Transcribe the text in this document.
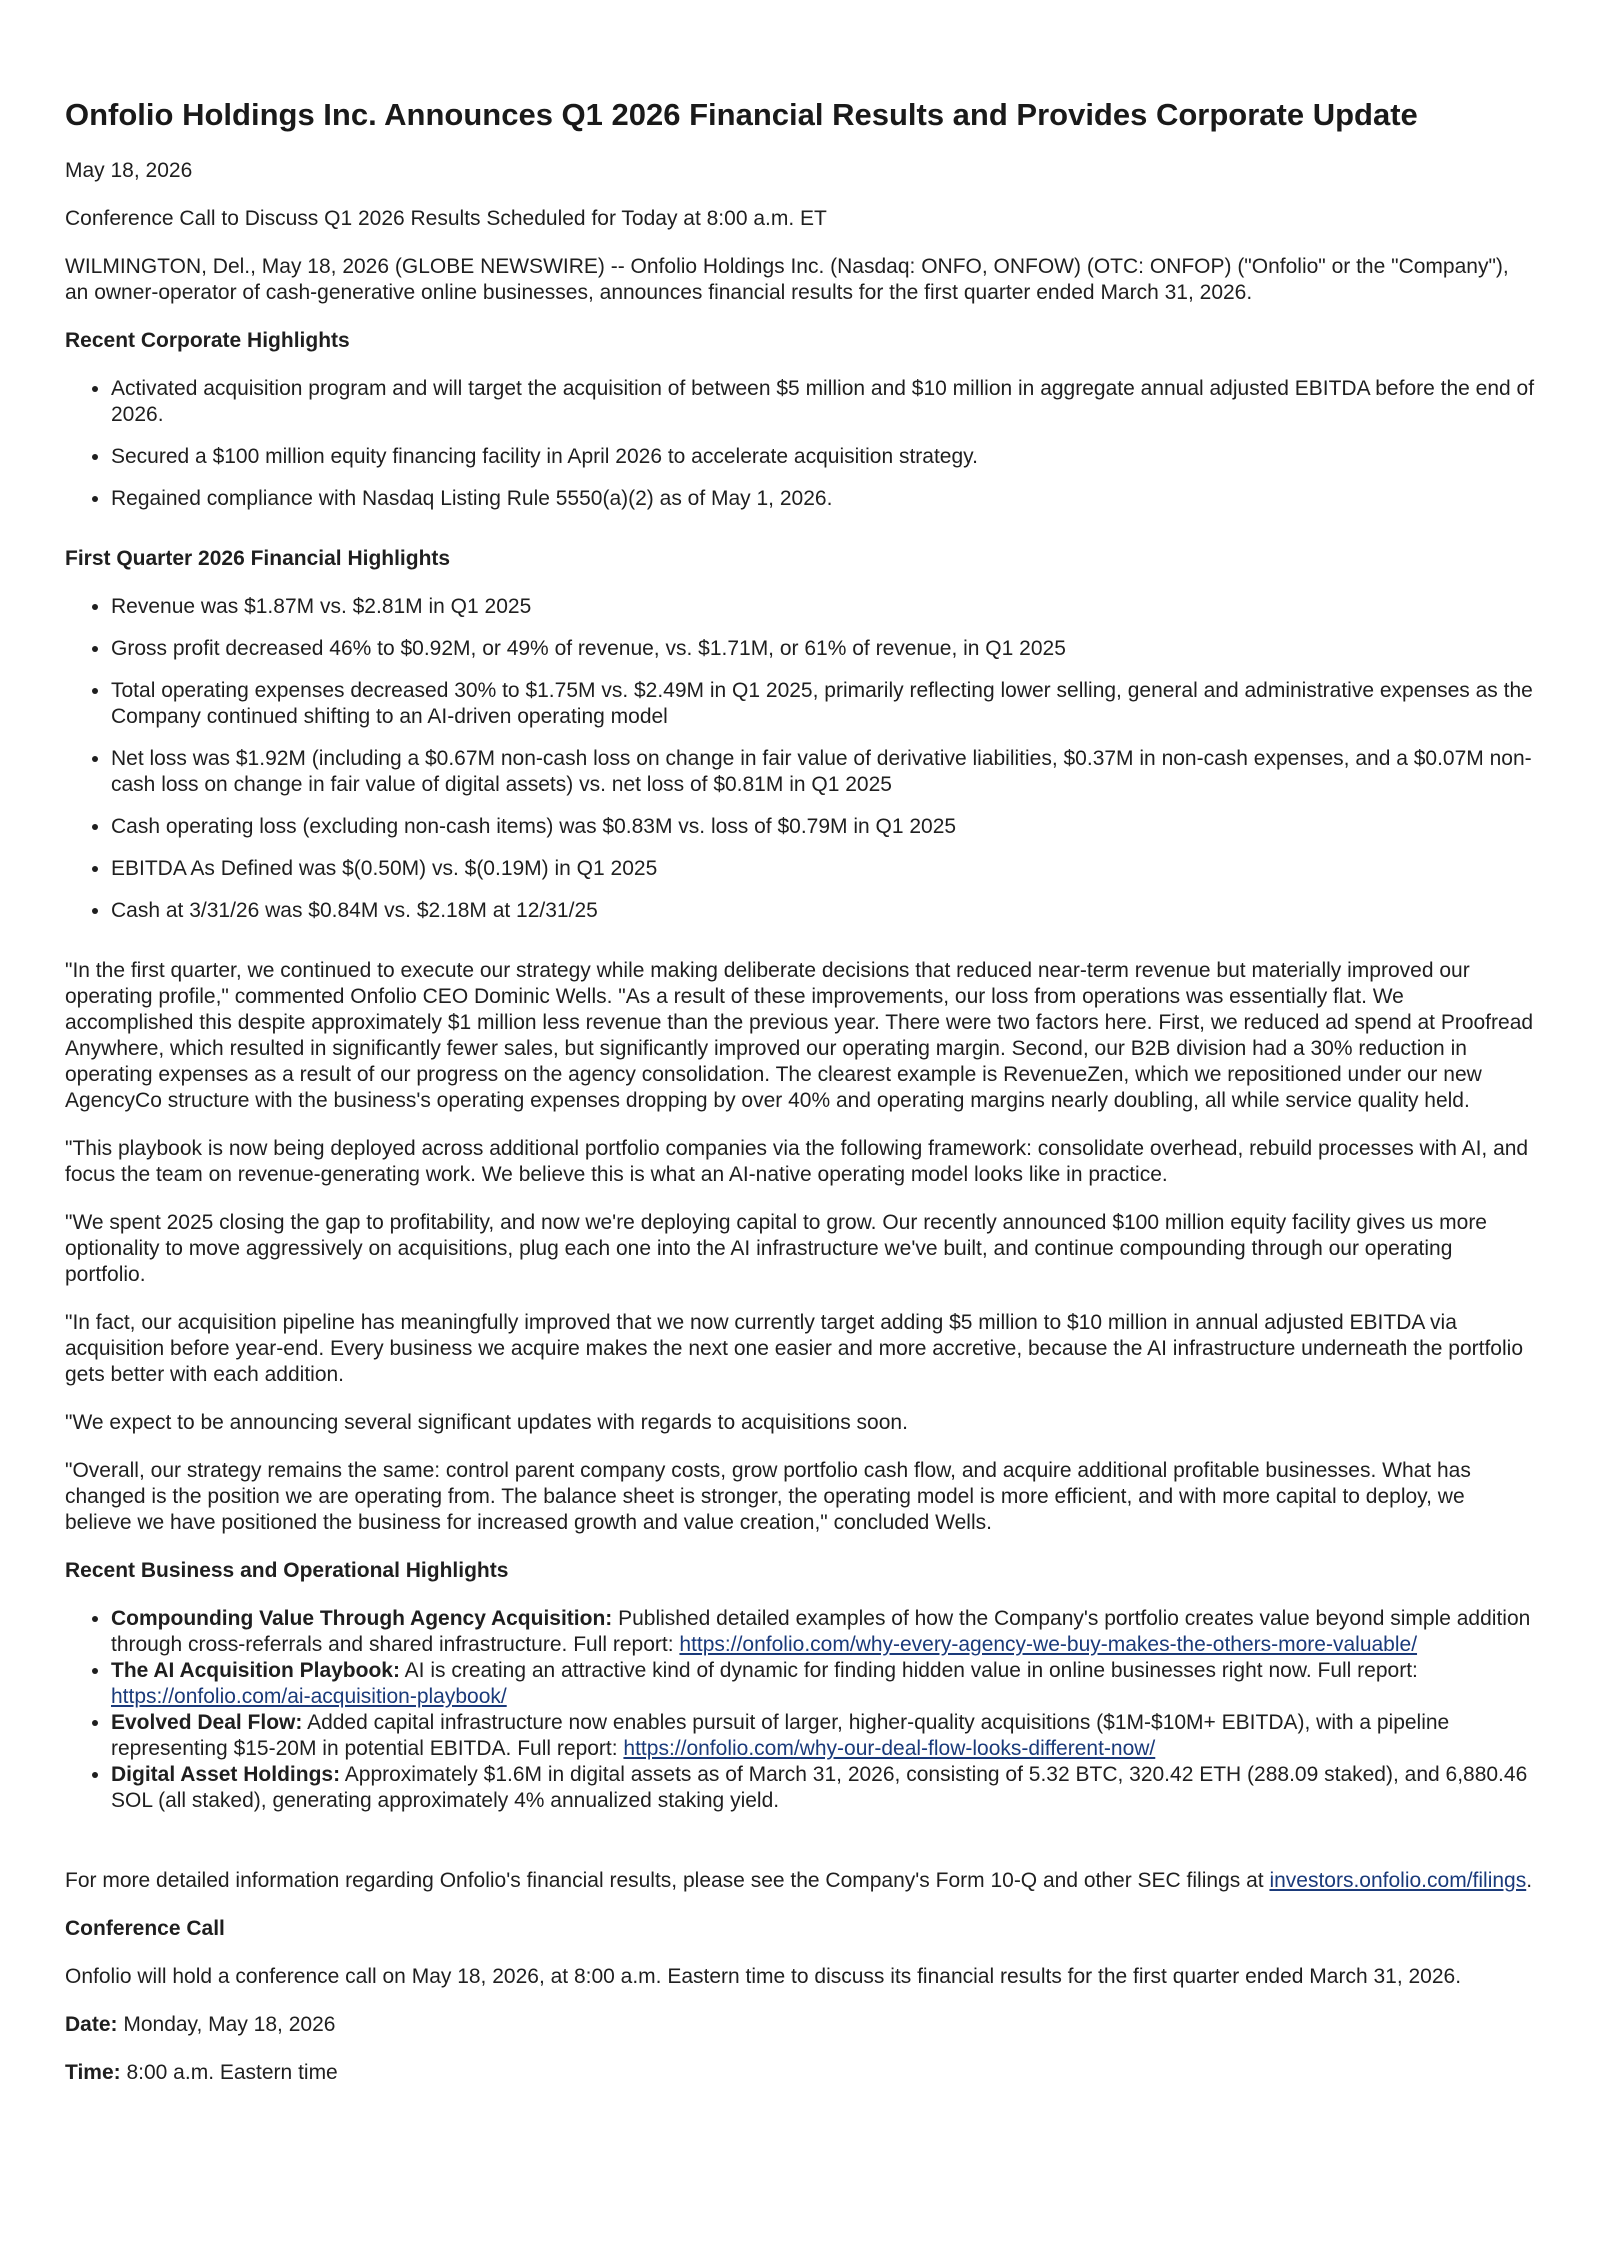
Onfolio Holdings Inc. Announces Q1 2026 Financial Results and Provides Corporate Update

May 18, 2026

Conference Call to Discuss Q1 2026 Results Scheduled for Today at 8:00 a.m. ET

WILMINGTON, Del., May 18, 2026 (GLOBE NEWSWIRE) -- Onfolio Holdings Inc. (Nasdaq: ONFO, ONFOW) (OTC: ONFOP) ("Onfolio" or the "Company"), an owner-operator of cash-generative online businesses, announces financial results for the first quarter ended March 31, 2026.

Recent Corporate Highlights
• Activated acquisition program and will target the acquisition of between $5 million and $10 million in aggregate annual adjusted EBITDA before the end of 2026.
• Secured a $100 million equity financing facility in April 2026 to accelerate acquisition strategy.
• Regained compliance with Nasdaq Listing Rule 5550(a)(2) as of May 1, 2026.
First Quarter 2026 Financial Highlights
• Revenue was $1.87M vs. $2.81M in Q1 2025
• Gross profit decreased 46% to $0.92M, or 49% of revenue, vs. $1.71M, or 61% of revenue, in Q1 2025
• Total operating expenses decreased 30% to $1.75M vs. $2.49M in Q1 2025, primarily reflecting lower selling, general and administrative expenses as the Company continued shifting to an AI-driven operating model
• Net loss was $1.92M (including a $0.67M non-cash loss on change in fair value of derivative liabilities, $0.37M in non-cash expenses, and a $0.07M non-cash loss on change in fair value of digital assets) vs. net loss of $0.81M in Q1 2025
• Cash operating loss (excluding non-cash items) was $0.83M vs. loss of $0.79M in Q1 2025
• EBITDA As Defined was $(0.50M) vs. $(0.19M) in Q1 2025
• Cash at 3/31/26 was $0.84M vs. $2.18M at 12/31/25

"In the first quarter, we continued to execute our strategy while making deliberate decisions that reduced near-term revenue but materially improved our operating profile," commented Onfolio CEO Dominic Wells. "As a result of these improvements, our loss from operations was essentially flat. We accomplished this despite approximately $1 million less revenue than the previous year. There were two factors here. First, we reduced ad spend at Proofread Anywhere, which resulted in significantly fewer sales, but significantly improved our operating margin. Second, our B2B division had a 30% reduction in operating expenses as a result of our progress on the agency consolidation. The clearest example is RevenueZen, which we repositioned under our new AgencyCo structure with the business's operating expenses dropping by over 40% and operating margins nearly doubling, all while service quality held.

"This playbook is now being deployed across additional portfolio companies via the following framework: consolidate overhead, rebuild processes with AI, and focus the team on revenue-generating work. We believe this is what an AI-native operating model looks like in practice.

"We spent 2025 closing the gap to profitability, and now we're deploying capital to grow. Our recently announced $100 million equity facility gives us more optionality to move aggressively on acquisitions, plug each one into the AI infrastructure we've built, and continue compounding through our operating portfolio.

"In fact, our acquisition pipeline has meaningfully improved that we now currently target adding $5 million to $10 million in annual adjusted EBITDA via acquisition before year-end. Every business we acquire makes the next one easier and more accretive, because the AI infrastructure underneath the portfolio gets better with each addition.

"We expect to be announcing several significant updates with regards to acquisitions soon.

"Overall, our strategy remains the same: control parent company costs, grow portfolio cash flow, and acquire additional profitable businesses. What has changed is the position we are operating from. The balance sheet is stronger, the operating model is more efficient, and with more capital to deploy, we believe we have positioned the business for increased growth and value creation," concluded Wells.

Recent Business and Operational Highlights
• Compounding Value Through Agency Acquisition: Published detailed examples of how the Company's portfolio creates value beyond simple addition through cross-referrals and shared infrastructure. Full report: https://onfolio.com/why-every-agency-we-buy-makes-the-others-more-valuable/
• The AI Acquisition Playbook: AI is creating an attractive kind of dynamic for finding hidden value in online businesses right now. Full report: https://onfolio.com/ai-acquisition-playbook/
• Evolved Deal Flow: Added capital infrastructure now enables pursuit of larger, higher-quality acquisitions ($1M-$10M+ EBITDA), with a pipeline representing $15-20M in potential EBITDA. Full report: https://onfolio.com/why-our-deal-flow-looks-different-now/
• Digital Asset Holdings: Approximately $1.6M in digital assets as of March 31, 2026, consisting of 5.32 BTC, 320.42 ETH (288.09 staked), and 6,880.46 SOL (all staked), generating approximately 4% annualized staking yield.

For more detailed information regarding Onfolio's financial results, please see the Company's Form 10-Q and other SEC filings at investors.onfolio.com/filings.

Conference Call

Onfolio will hold a conference call on May 18, 2026, at 8:00 a.m. Eastern time to discuss its financial results for the first quarter ended March 31, 2026.

Date: Monday, May 18, 2026

Time: 8:00 a.m. Eastern time
